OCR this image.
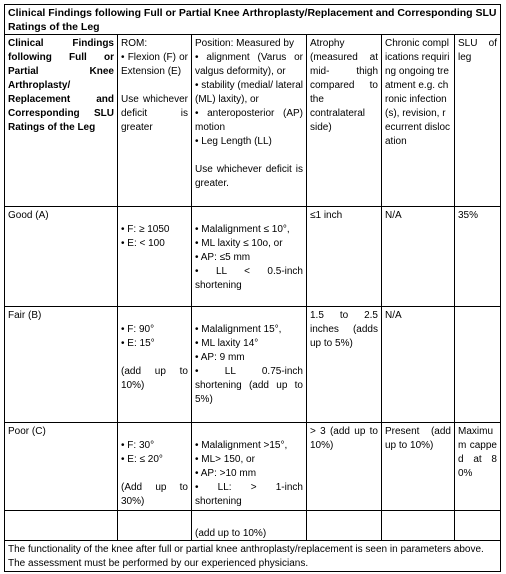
Clinical Findings following Full or Partial Knee Arthroplasty/Replacement and Corresponding SLU Ratings of the Leg
Clinical Findings following Full or Partial Knee Arthroplasty/ Replacement and Corresponding SLU Ratings of the Leg
ROM:
• Flexion (F) or Extension (E)
Use whichever deficit is greater
Position: Measured by
• alignment (Varus or valgus deformity), or
• stability (medial/ lateral (ML) laxity), or
• anteroposterior (AP) motion
• Leg Length (LL)
Use whichever deficit is greater.
Atrophy (measured at mid- thigh compared to the contralateral side)
Chronic complications requiring ongoing treatment e.g. chronic infection(s), revision, recurrent dislocation
SLU of leg
Good (A)
• F: ≥ 1050
• E: < 100
• Malalignment ≤ 10°,
• ML laxity ≤ 10o, or
• AP: ≤5 mm
• LL < 0.5-inch shortening
≤1 inch	N/A	35%
Fair (B)
• F: 90°
• E: 15°
(add up to 10%)
• Malalignment 15°,
• ML laxity 14°
• AP: 9 mm
• LL 0.75-inch shortening (add up to 5%)
1.5 to 2.5 inches (adds up to 5%)
N/A
Poor (C)
• F: 30°
• E: ≤ 20°
(Add up to 30%)
• Malalignment >15°,
• ML> 150, or
• AP: >10 mm
• LL: > 1-inch shortening
> 3 (add up to 10%)
Present (add up to 10%)
Maximum capped at 80%
(add up to 10%)
The functionality of the knee after full or partial knee anthroplasty/replacement is seen in parameters above. The assessment must be performed by our experienced physicians.
